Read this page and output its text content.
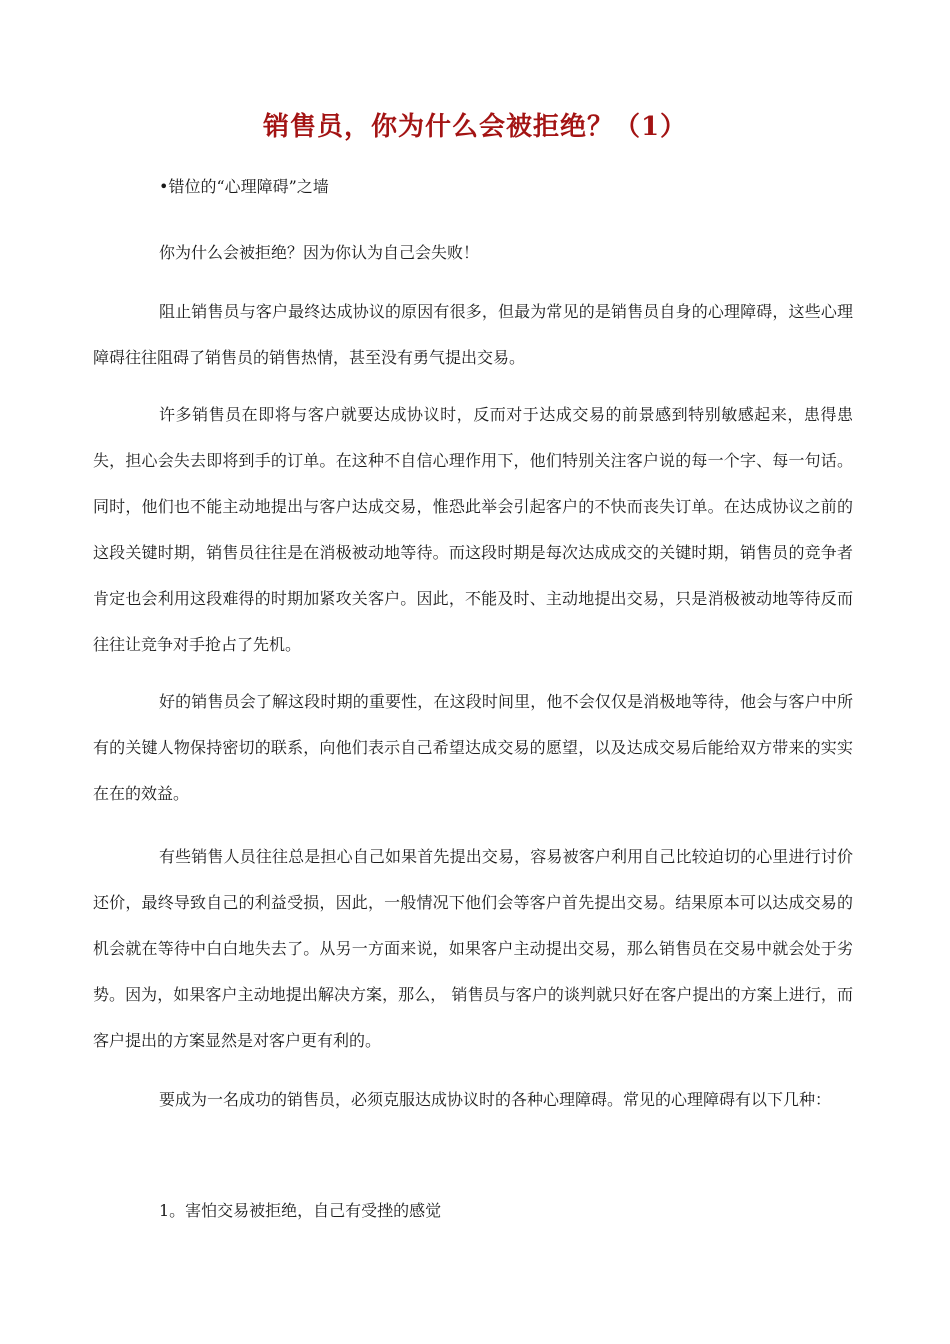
销售员，你为什么会被拒绝？（1）

•错位的“心理障碍”之墙

你为什么会被拒绝？因为你认为自己会失败！

阻止销售员与客户最终达成协议的原因有很多，但最为常见的是销售员自身的心理障碍，这些心理障碍往往阻碍了销售员的销售热情，甚至没有勇气提出交易。

许多销售员在即将与客户就要达成协议时，反而对于达成交易的前景感到特别敏感起来，患得患失，担心会失去即将到手的订单。在这种不自信心理作用下，他们特别关注客户说的每一个字、每一句话。同时，他们也不能主动地提出与客户达成交易，惟恐此举会引起客户的不快而丧失订单。在达成协议之前的这段关键时期，销售员往往是在消极被动地等待。而这段时期是每次达成成交的关键时期，销售员的竞争者肯定也会利用这段难得的时期加紧攻关客户。因此，不能及时、主动地提出交易，只是消极被动地等待反而往往让竞争对手抢占了先机。

好的销售员会了解这段时期的重要性，在这段时间里，他不会仅仅是消极地等待，他会与客户中所有的关键人物保持密切的联系，向他们表示自己希望达成交易的愿望，以及达成交易后能给双方带来的实实在在的效益。

有些销售人员往往总是担心自己如果首先提出交易，容易被客户利用自己比较迫切的心里进行讨价还价，最终导致自己的利益受损，因此，一般情况下他们会等客户首先提出交易。结果原本可以达成交易的机会就在等待中白白地失去了。从另一方面来说，如果客户主动提出交易，那么销售员在交易中就会处于劣势。因为，如果客户主动地提出解决方案，那么， 销售员与客户的谈判就只好在客户提出的方案上进行，而客户提出的方案显然是对客户更有利的。

要成为一名成功的销售员，必须克服达成协议时的各种心理障碍。常见的心理障碍有以下几种：

1。害怕交易被拒绝，自己有受挫的感觉
